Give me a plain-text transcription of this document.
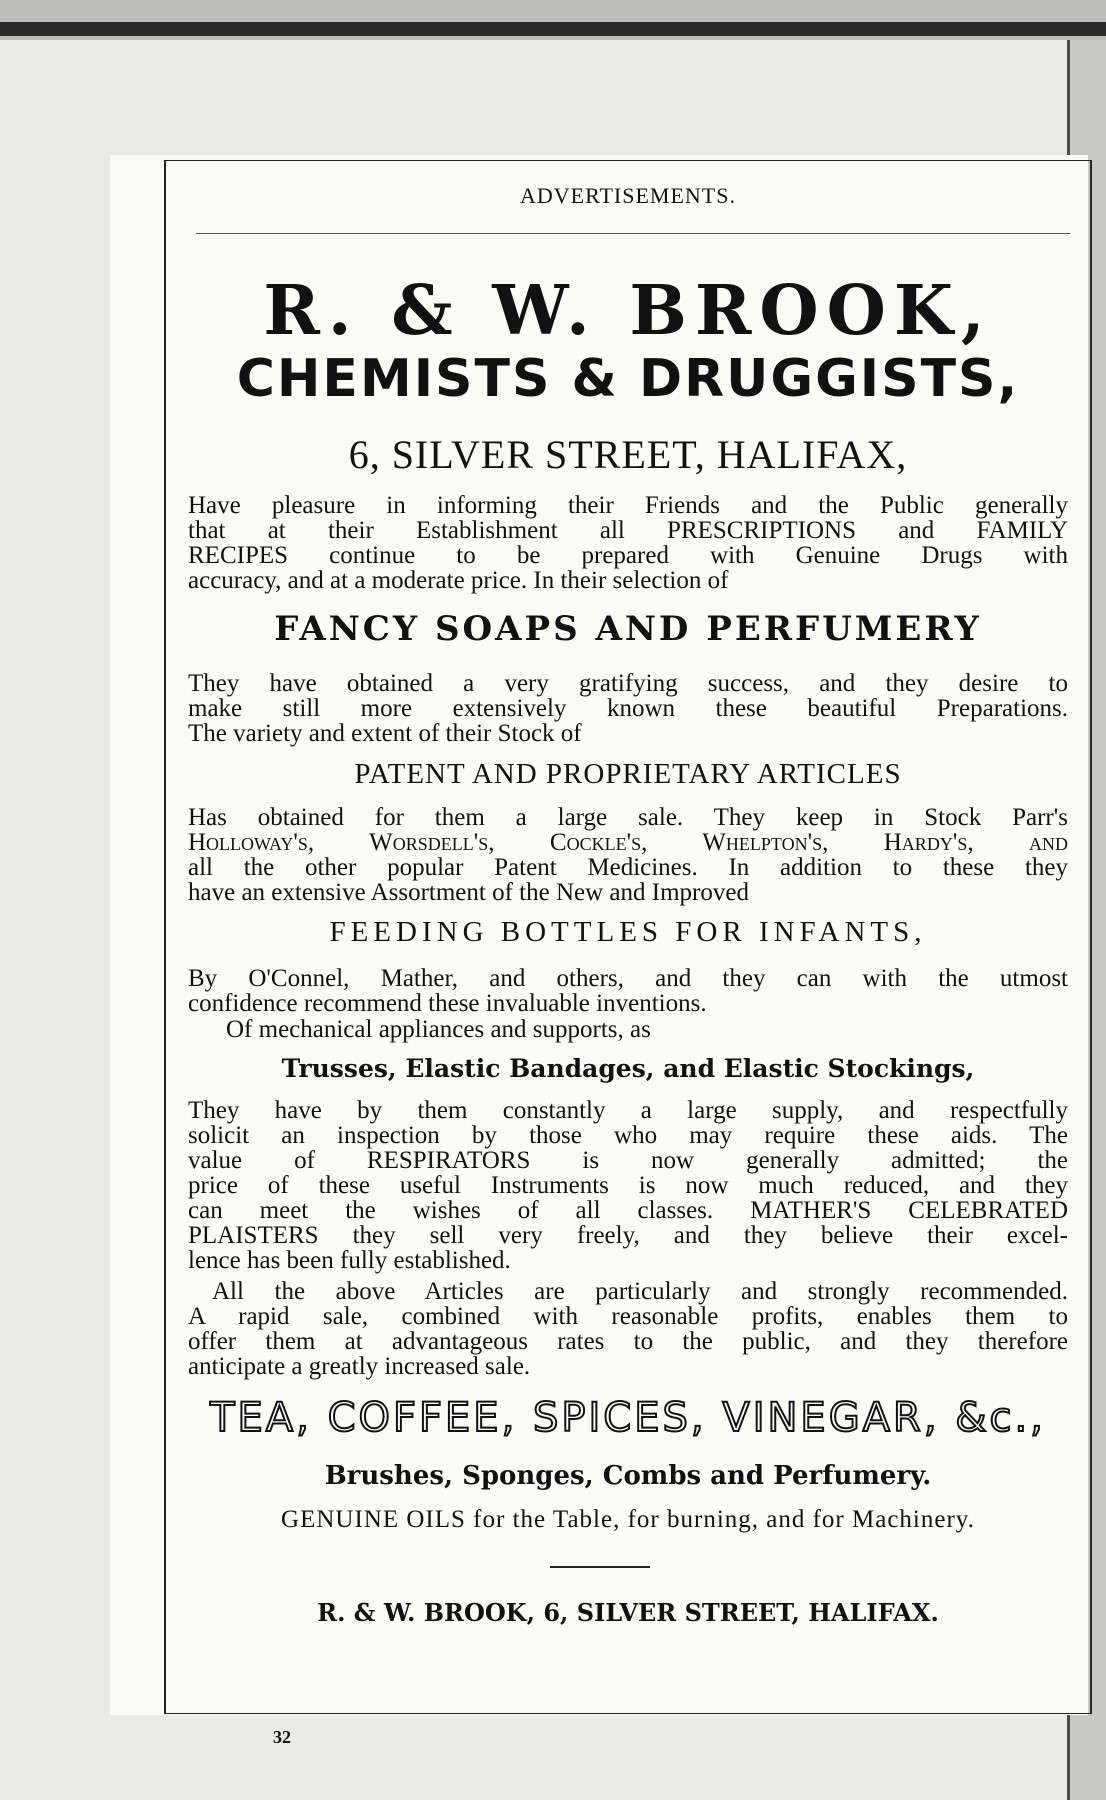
ADVERTISEMENTS.
R. & W. BROOK,
CHEMISTS & DRUGGISTS,
6, SILVER STREET, HALIFAX,
Have pleasure in informing their Friends and the Public generally
that at their Establishment all PRESCRIPTIONS and FAMILY
RECIPES continue to be prepared with Genuine Drugs with
accuracy, and at a moderate price. In their selection of
FANCY SOAPS AND PERFUMERY
They have obtained a very gratifying success, and they desire to
make still more extensively known these beautiful Preparations.
The variety and extent of their Stock of
PATENT AND PROPRIETARY ARTICLES
Has obtained for them a large sale. They keep in Stock Parr's
Holloway's, Worsdell's, Cockle's, Whelpton's, Hardy's, and
all the other popular Patent Medicines. In addition to these they
have an extensive Assortment of the New and Improved
FEEDING BOTTLES FOR INFANTS,
By O'Connel, Mather, and others, and they can with the utmost
confidence recommend these invaluable inventions.
Of mechanical appliances and supports, as
Trusses, Elastic Bandages, and Elastic Stockings,
They have by them constantly a large supply, and respectfully
solicit an inspection by those who may require these aids. The
value of RESPIRATORS is now generally admitted; the
price of these useful Instruments is now much reduced, and they
can meet the wishes of all classes. MATHER'S CELEBRATED
PLAISTERS they sell very freely, and they believe their excel-
lence has been fully established.
All the above Articles are particularly and strongly recommended.
A rapid sale, combined with reasonable profits, enables them to
offer them at advantageous rates to the public, and they therefore
anticipate a greatly increased sale.
TEA, COFFEE, SPICES, VINEGAR, &c.,
Brushes, Sponges, Combs and Perfumery.
GENUINE OILS for the Table, for burning, and for Machinery.
R. & W. BROOK, 6, SILVER STREET, HALIFAX.
32
